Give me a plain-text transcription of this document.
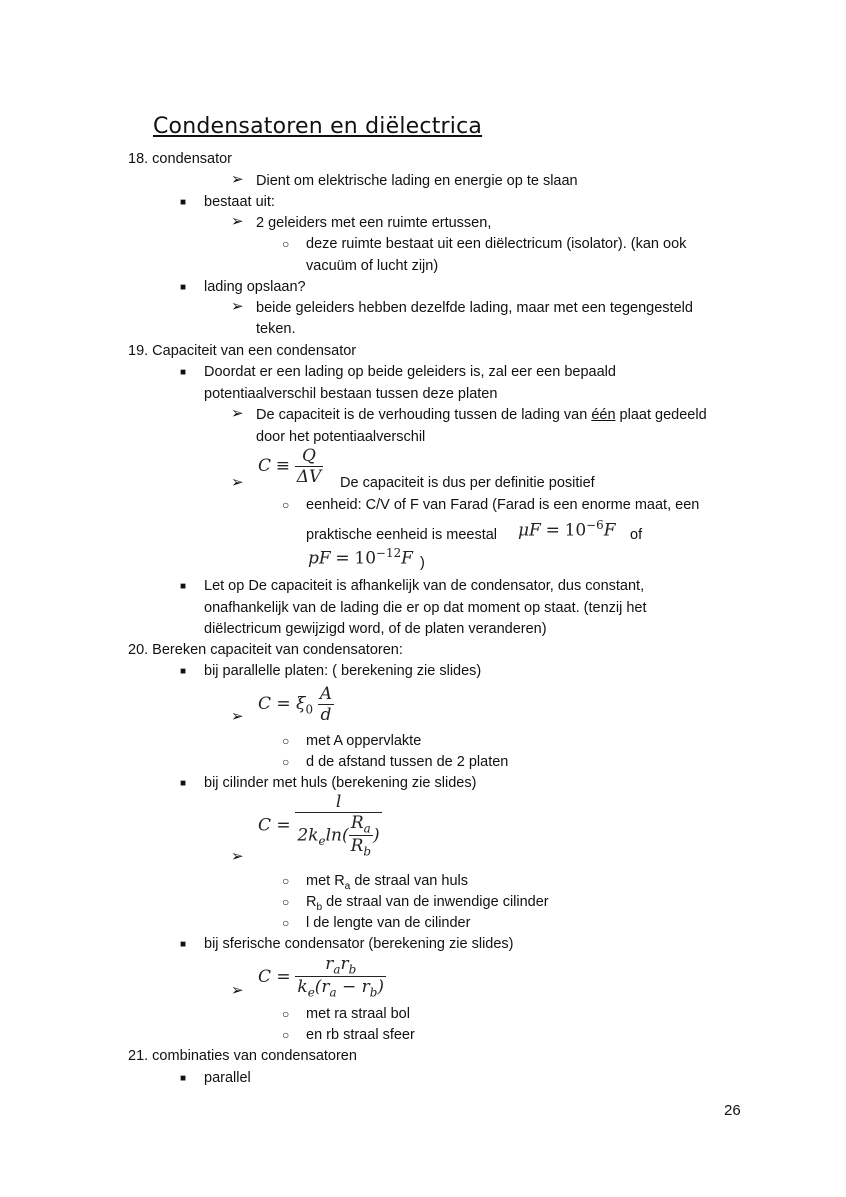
Condensatoren en diëlectrica
18. condensator
➢ Dient om elektrische lading en energie op te slaan
■ bestaat uit:
➢ 2 geleiders met een ruimte ertussen,
○ deze ruimte bestaat uit een diëlectricum (isolator). (kan ook
vacuüm of lucht zijn)
■ lading opslaan?
➢ beide geleiders hebben dezelfde lading, maar met een tegengesteld
teken.
19. Capaciteit van een condensator
■ Doordat er een lading op beide geleiders is, zal eer een bepaald
potentiaalverschil bestaan tussen deze platen
➢ De capaciteit is de verhouding tussen de lading van één plaat gedeeld
door het potentiaalverschil
$C \equiv \frac{Q}{\Delta V}$
➢	De capaciteit is dus per definitie positief
○ eenheid: C/V of F van Farad (Farad is een enorme maat, een
praktische eenheid is meestal $\mu F = 10^{-6}F$ of
pF = $10^{-12}F$ )
■ Let op De capaciteit is afhankelijk van de condensator, dus constant,
onafhankelijk van de lading die er op dat moment op staat. (tenzij het
diëlectricum gewijzigd word, of de platen veranderen)
20. Bereken capaciteit van condensatoren:
■ bij parallelle platen: ( berekening zie slides)
$C = \xi_0 \frac{A}{d}$
➢
○ met A oppervlakte
○ d de afstand tussen de 2 platen
■ bij cilinder met huls (berekening zie slides)
$C = \frac{l}{2k_e\ln( \frac{R_a}{R_b} )}$
➢
○ met $R_a$ de straal van huls
○ $R_b$ de straal van de inwendige cilinder
○ l de lengte van de cilinder
■ bij sferische condensator (berekening zie slides)
$C = \frac{r_ar_b}{k_e(r_a - r_b)}$
➢
○ met ra straal bol
○ en rb straal sfeer
21. combinaties van condensatoren
■ parallel
26
